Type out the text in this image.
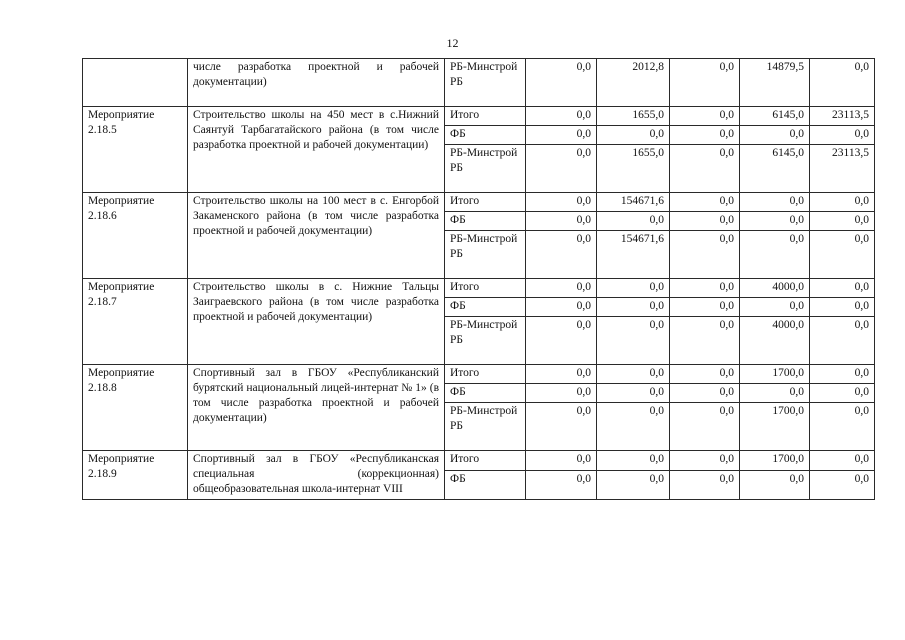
12
	числе разработка проектной и рабочей документации)	РБ-Минстрой РБ	0,0	2012,8	0,0	14879,5	0,0
Мероприятие 2.18.5	Строительство школы на 450 мест в с.Нижний Саянтуй Тарбагатайского района (в том числе разработка проектной и рабочей документации)	Итого	0,0	1655,0	0,0	6145,0	23113,5
		ФБ	0,0	0,0	0,0	0,0	0,0
		РБ-Минстрой РБ	0,0	1655,0	0,0	6145,0	23113,5
Мероприятие 2.18.6	Строительство школы на 100 мест в с. Енгорбой Закаменского района (в том числе разработка проектной и рабочей документации)	Итого	0,0	154671,6	0,0	0,0	0,0
		ФБ	0,0	0,0	0,0	0,0	0,0
		РБ-Минстрой РБ	0,0	154671,6	0,0	0,0	0,0
Мероприятие 2.18.7	Строительство школы в с. Нижние Тальцы Заиграевского района (в том числе разработка проектной и рабочей документации)	Итого	0,0	0,0	0,0	4000,0	0,0
		ФБ	0,0	0,0	0,0	0,0	0,0
		РБ-Минстрой РБ	0,0	0,0	0,0	4000,0	0,0
Мероприятие 2.18.8	Спортивный зал в ГБОУ «Республиканский бурятский национальный лицей-интернат № 1» (в том числе разработка проектной и рабочей документации)	Итого	0,0	0,0	0,0	1700,0	0,0
		ФБ	0,0	0,0	0,0	0,0	0,0
		РБ-Минстрой РБ	0,0	0,0	0,0	1700,0	0,0
Мероприятие 2.18.9	Спортивный зал в ГБОУ «Республиканская специальная (коррекционная) общеобразовательная школа-интернат VIII	Итого	0,0	0,0	0,0	1700,0	0,0
		ФБ	0,0	0,0	0,0	0,0	0,0
